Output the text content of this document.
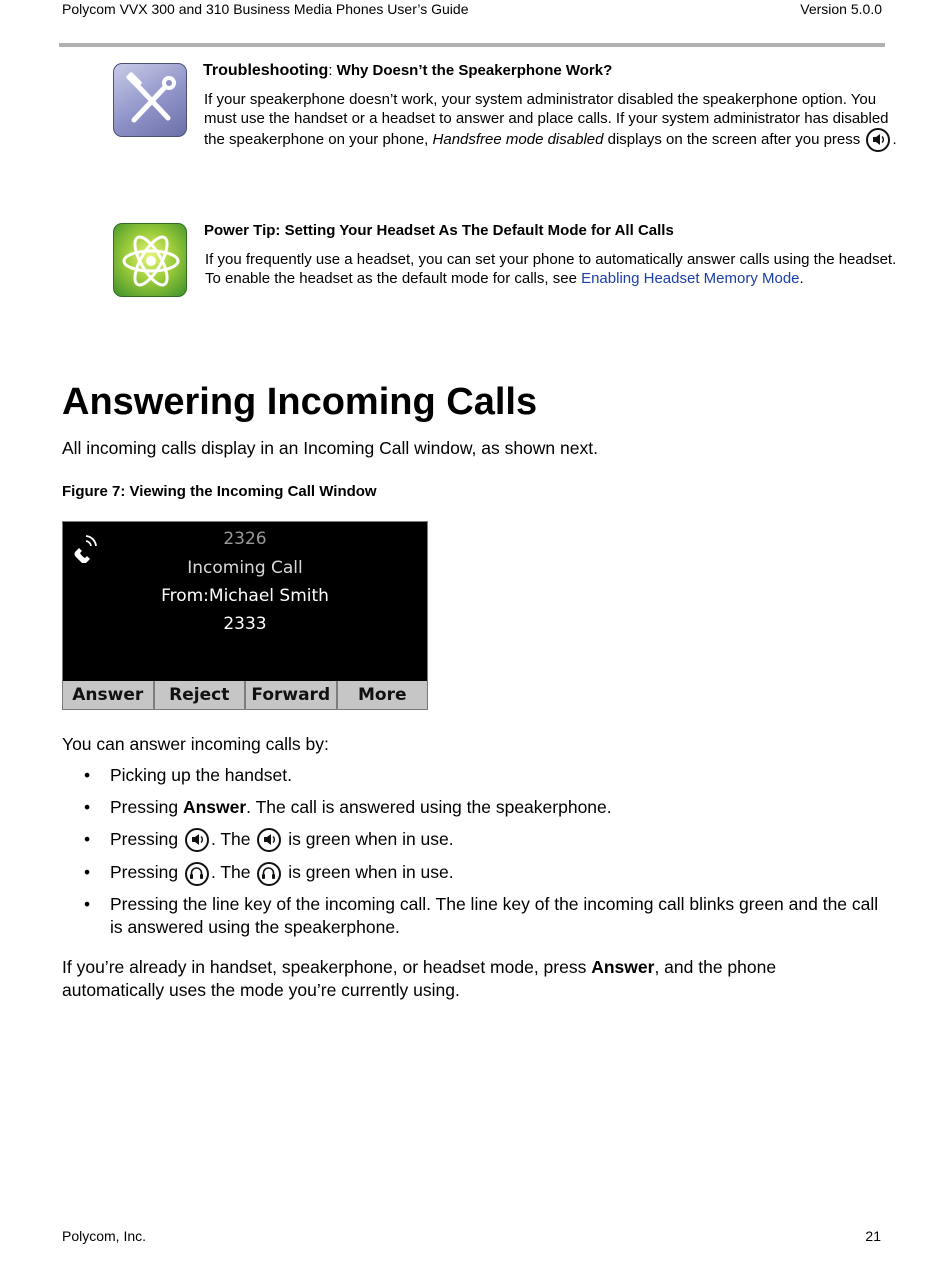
Polycom VVX 300 and 310 Business Media Phones User’s Guide	Version 5.0.0
Troubleshooting: Why Doesn’t the Speakerphone Work?
If your speakerphone doesn’t work, your system administrator disabled the speakerphone option. You must use the handset or a headset to answer and place calls. If your system administrator has disabled the speakerphone on your phone, Handsfree mode disabled displays on the screen after you press
.
Power Tip: Setting Your Headset As The Default Mode for All Calls
If you frequently use a headset, you can set your phone to automatically answer calls using the headset. To enable the headset as the default mode for calls, see Enabling Headset Memory Mode.
Answering Incoming Calls
All incoming calls display in an Incoming Call window, as shown next.
Figure 7: Viewing the Incoming Call Window
2326
Incoming Call
From:Michael Smith
2333
Answer	Reject	Forward	More
You can answer incoming calls by:
• Picking up the handset.
• Pressing Answer. The call is answered using the speakerphone.
• Pressing
. The
is green when in use.
• Pressing
. The
is green when in use.
• Pressing the line key of the incoming call. The line key of the incoming call blinks green and the call is answered using the speakerphone.
If you’re already in handset, speakerphone, or headset mode, press Answer, and the phone automatically uses the mode you’re currently using.
Polycom, Inc.	21
